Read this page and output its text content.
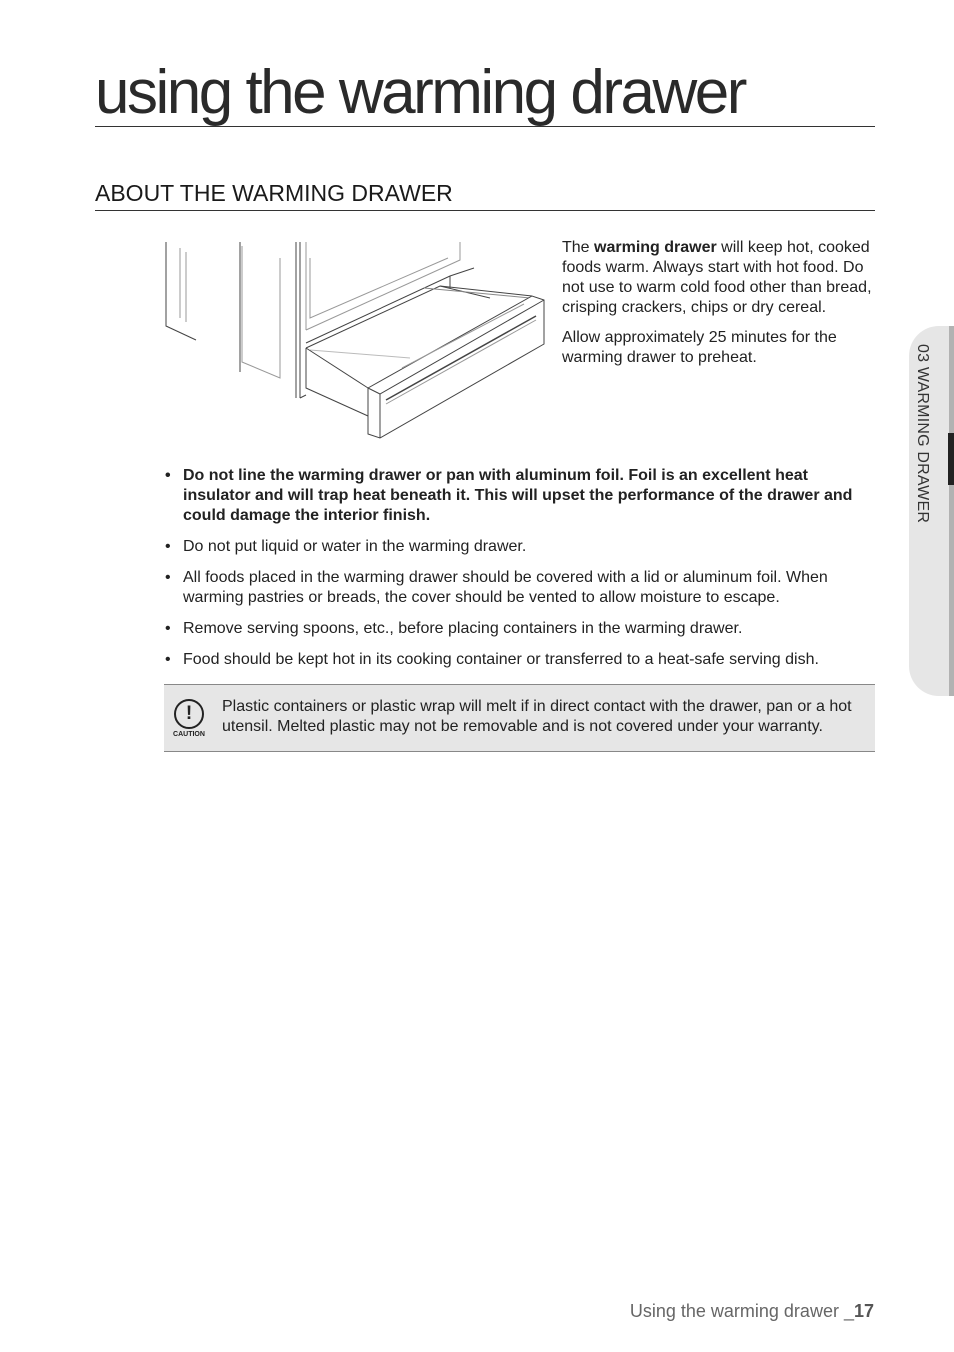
using the warming drawer
ABOUT THE WARMING DRAWER

The warming drawer will keep hot, cooked foods warm. Always start with hot food. Do not use to warm cold food other than bread, crisping crackers, chips or dry cereal.

Allow approximately 25 minutes for the warming drawer to preheat.

• Do not line the warming drawer or pan with aluminum foil. Foil is an excellent heat insulator and will trap heat beneath it. This will upset the performance of the drawer and could damage the interior finish.
• Do not put liquid or water in the warming drawer.
• All foods placed in the warming drawer should be covered with a lid or aluminum foil. When warming pastries or breads, the cover should be vented to allow moisture to escape.
• Remove serving spoons, etc., before placing containers in the warming drawer.
• Food should be kept hot in its cooking container or transferred to a heat-safe serving dish.
!
CAUTION
Plastic containers or plastic wrap will melt if in direct contact with the drawer, pan or a hot utensil. Melted plastic may not be removable and is not covered under your warranty.
03 WARMING DRAWER
Using the warming drawer _17
